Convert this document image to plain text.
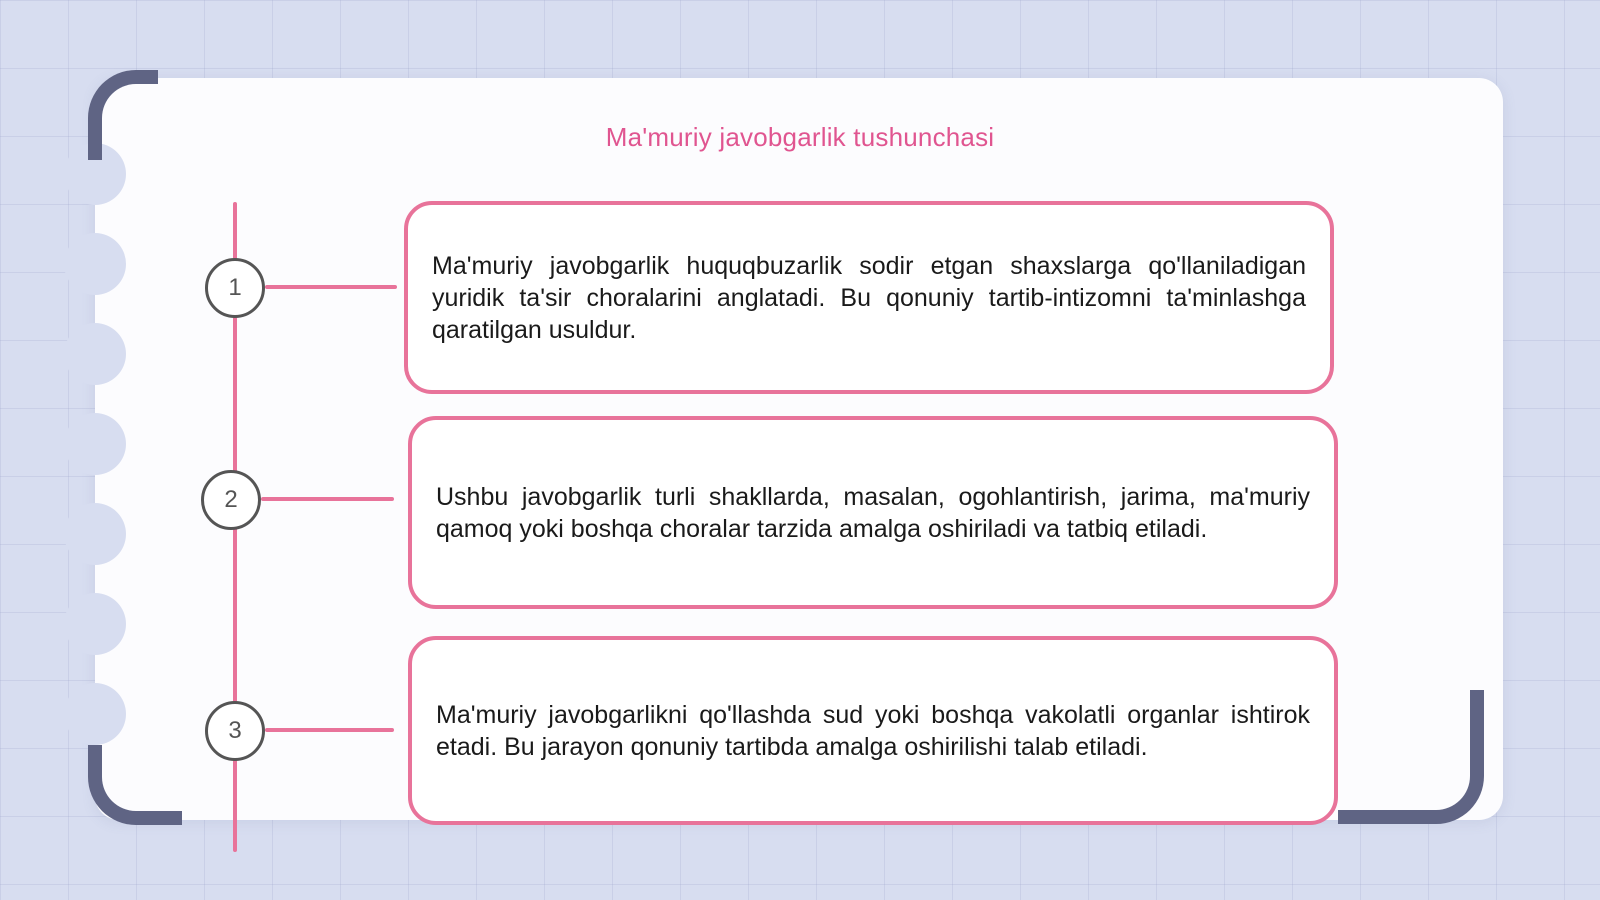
Ma'muriy javobgarlik tushunchasi
1
Ma'muriy javobgarlik huquqbuzarlik sodir etgan shaxslarga qo'llaniladigan yuridik ta'sir choralarini anglatadi. Bu qonuniy tartib-intizomni ta'minlashga qaratilgan usuldur.
2	Ushbu javobgarlik turli shakllarda, masalan, ogohlantirish, jarima, ma'muriy qamoq yoki boshqa choralar tarzida amalga oshiriladi va tatbiq etiladi.
3
Ma'muriy javobgarlikni qo'llashda sud yoki boshqa vakolatli organlar ishtirok etadi. Bu jarayon qonuniy tartibda amalga oshirilishi talab etiladi.
